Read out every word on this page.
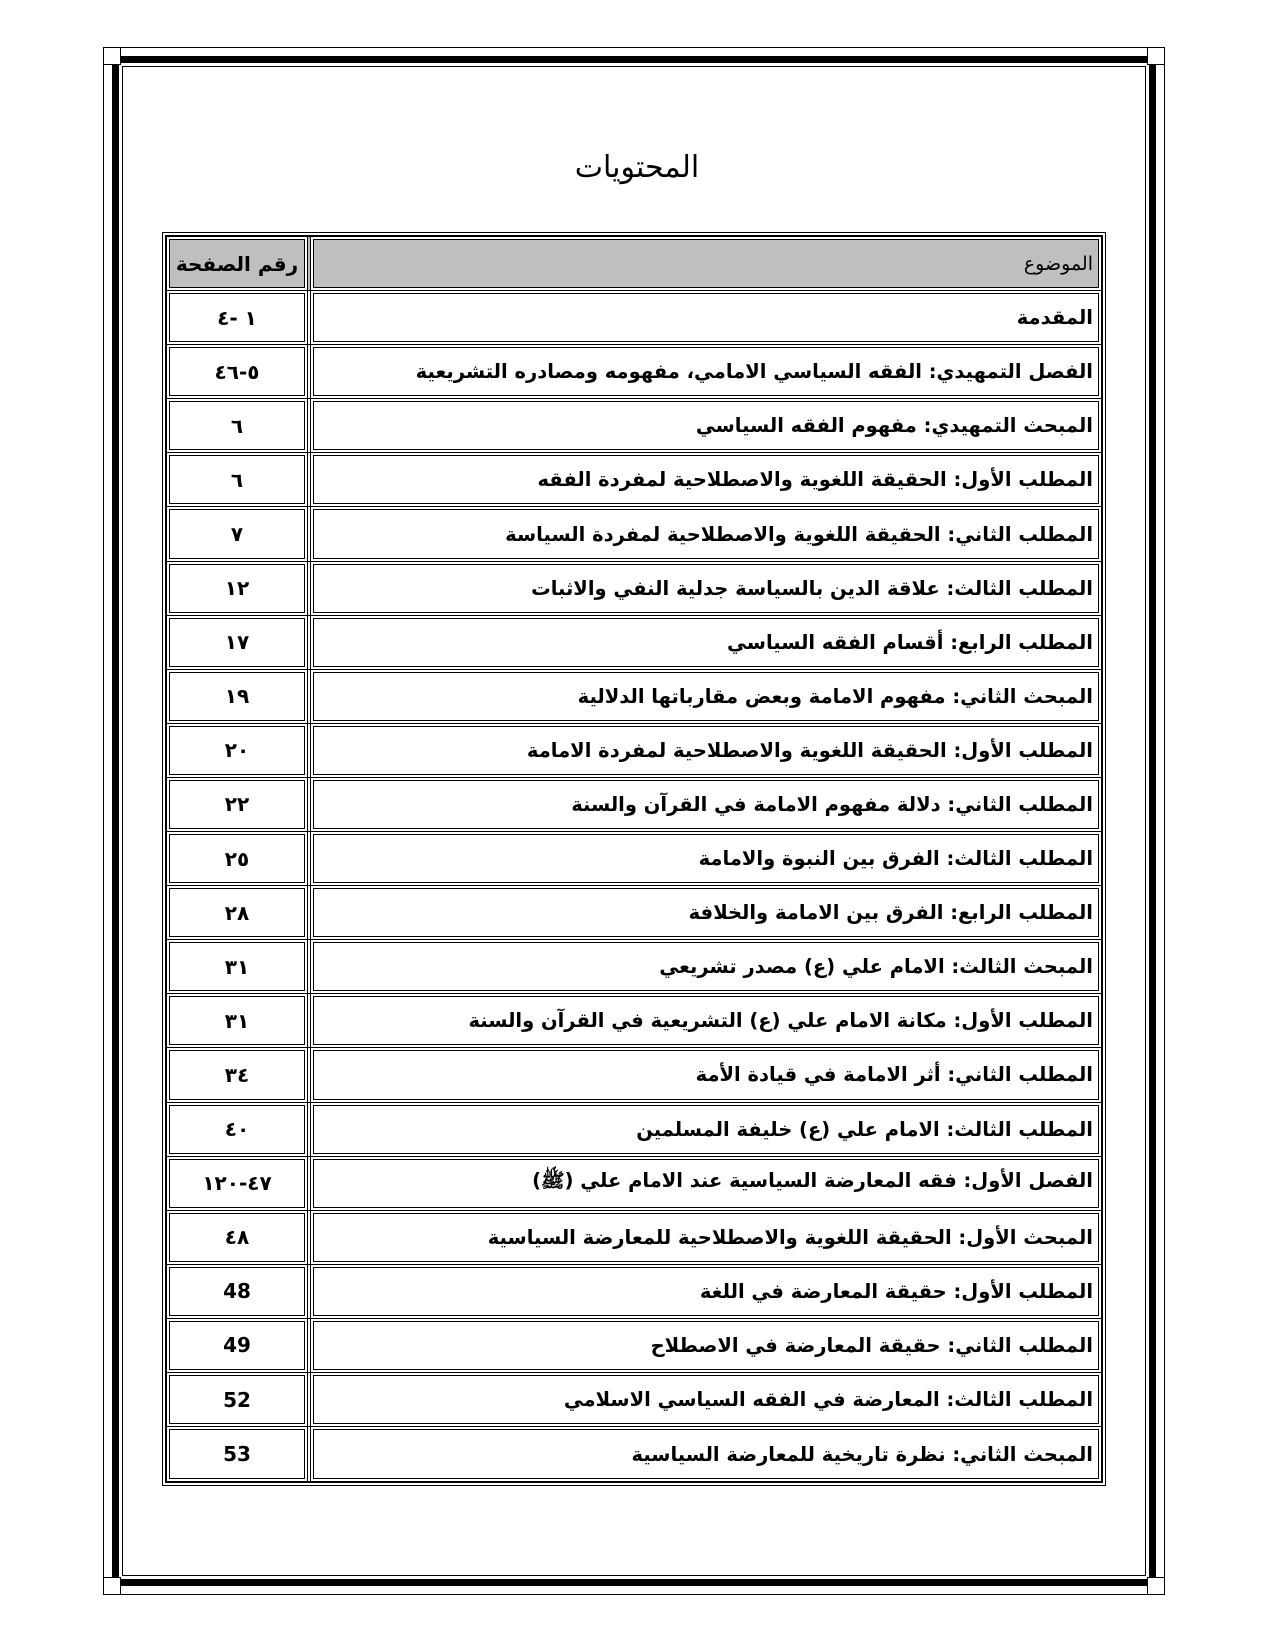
المحتويات
الموضوع
رقم الصفحة
المقدمة
١ -٤
الفصل التمهيدي: الفقه السياسي الامامي، مفهومه ومصادره التشريعية
٥-٤٦
المبحث التمهيدي: مفهوم الفقه السياسي
٦
المطلب الأول: الحقيقة اللغوية والاصطلاحية لمفردة الفقه
٦
المطلب الثاني: الحقيقة اللغوية والاصطلاحية لمفردة السياسة
٧
المطلب الثالث: علاقة الدين بالسياسة جدلية النفي والاثبات
١٢
المطلب الرابع: أقسام الفقه السياسي
١٧
المبحث الثاني: مفهوم الامامة وبعض مقارباتها الدلالية
١٩
المطلب الأول: الحقيقة اللغوية والاصطلاحية لمفردة الامامة
٢٠
المطلب الثاني: دلالة مفهوم الامامة في القرآن والسنة
٢٢
المطلب الثالث: الفرق بين النبوة والامامة
٢٥
المطلب الرابع: الفرق بين الامامة والخلافة
٢٨
المبحث الثالث: الامام علي (ع) مصدر تشريعي
٣١
المطلب الأول: مكانة الامام علي (ع) التشريعية في القرآن والسنة
٣١
المطلب الثاني: أثر الامامة في قيادة الأمة
٣٤
المطلب الثالث: الامام علي (ع) خليفة المسلمين
٤٠
الفصل الأول: فقه المعارضة السياسية عند الامام علي (ﷺ)
٤٧-١٢٠
المبحث الأول: الحقيقة اللغوية والاصطلاحية للمعارضة السياسية
٤٨
المطلب الأول: حقيقة المعارضة في اللغة
48
المطلب الثاني: حقيقة المعارضة في الاصطلاح
49
المطلب الثالث: المعارضة في الفقه السياسي الاسلامي
52
المبحث الثاني: نظرة تاريخية للمعارضة السياسية
53
